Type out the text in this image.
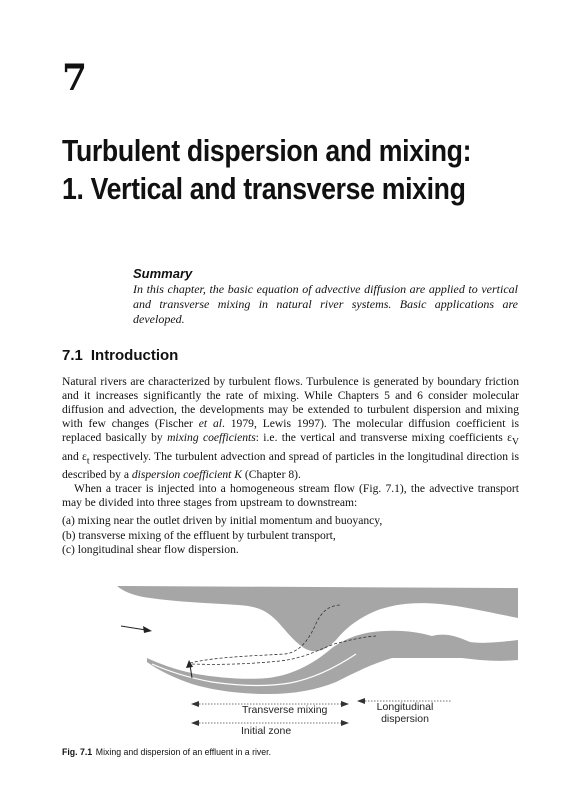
7
Turbulent dispersion and mixing:
1. Vertical and transverse mixing
Summary
In this chapter, the basic equation of advective diffusion are applied to vertical and transverse mixing in natural river systems. Basic applications are developed.
7.1 Introduction

Natural rivers are characterized by turbulent flows. Turbulence is generated by boundary friction and it increases significantly the rate of mixing. While Chapters 5 and 6 consider molecular diffusion and advection, the developments may be extended to turbulent dispersion and mixing with few changes (Fischer et al. 1979, Lewis 1997). The molecular diffusion coefficient is replaced basically by mixing coefficients: i.e. the vertical and transverse mixing coefficients $\varepsilon_V$ and $\varepsilon_t$ respectively. The turbulent advection and spread of particles in the longitudinal direction is described by a dispersion coefficient K (Chapter 8).

When a tracer is injected into a homogeneous stream flow (Fig. 7.1), the advective transport may be divided into three stages from upstream to downstream:

(a) mixing near the outlet driven by initial momentum and buoyancy,
(b) transverse mixing of the effluent by turbulent transport,
(c) longitudinal shear flow dispersion.
Transverse mixing
Initial zone
Longitudinal dispersion
Fig. 7.1 Mixing and dispersion of an effluent in a river.
